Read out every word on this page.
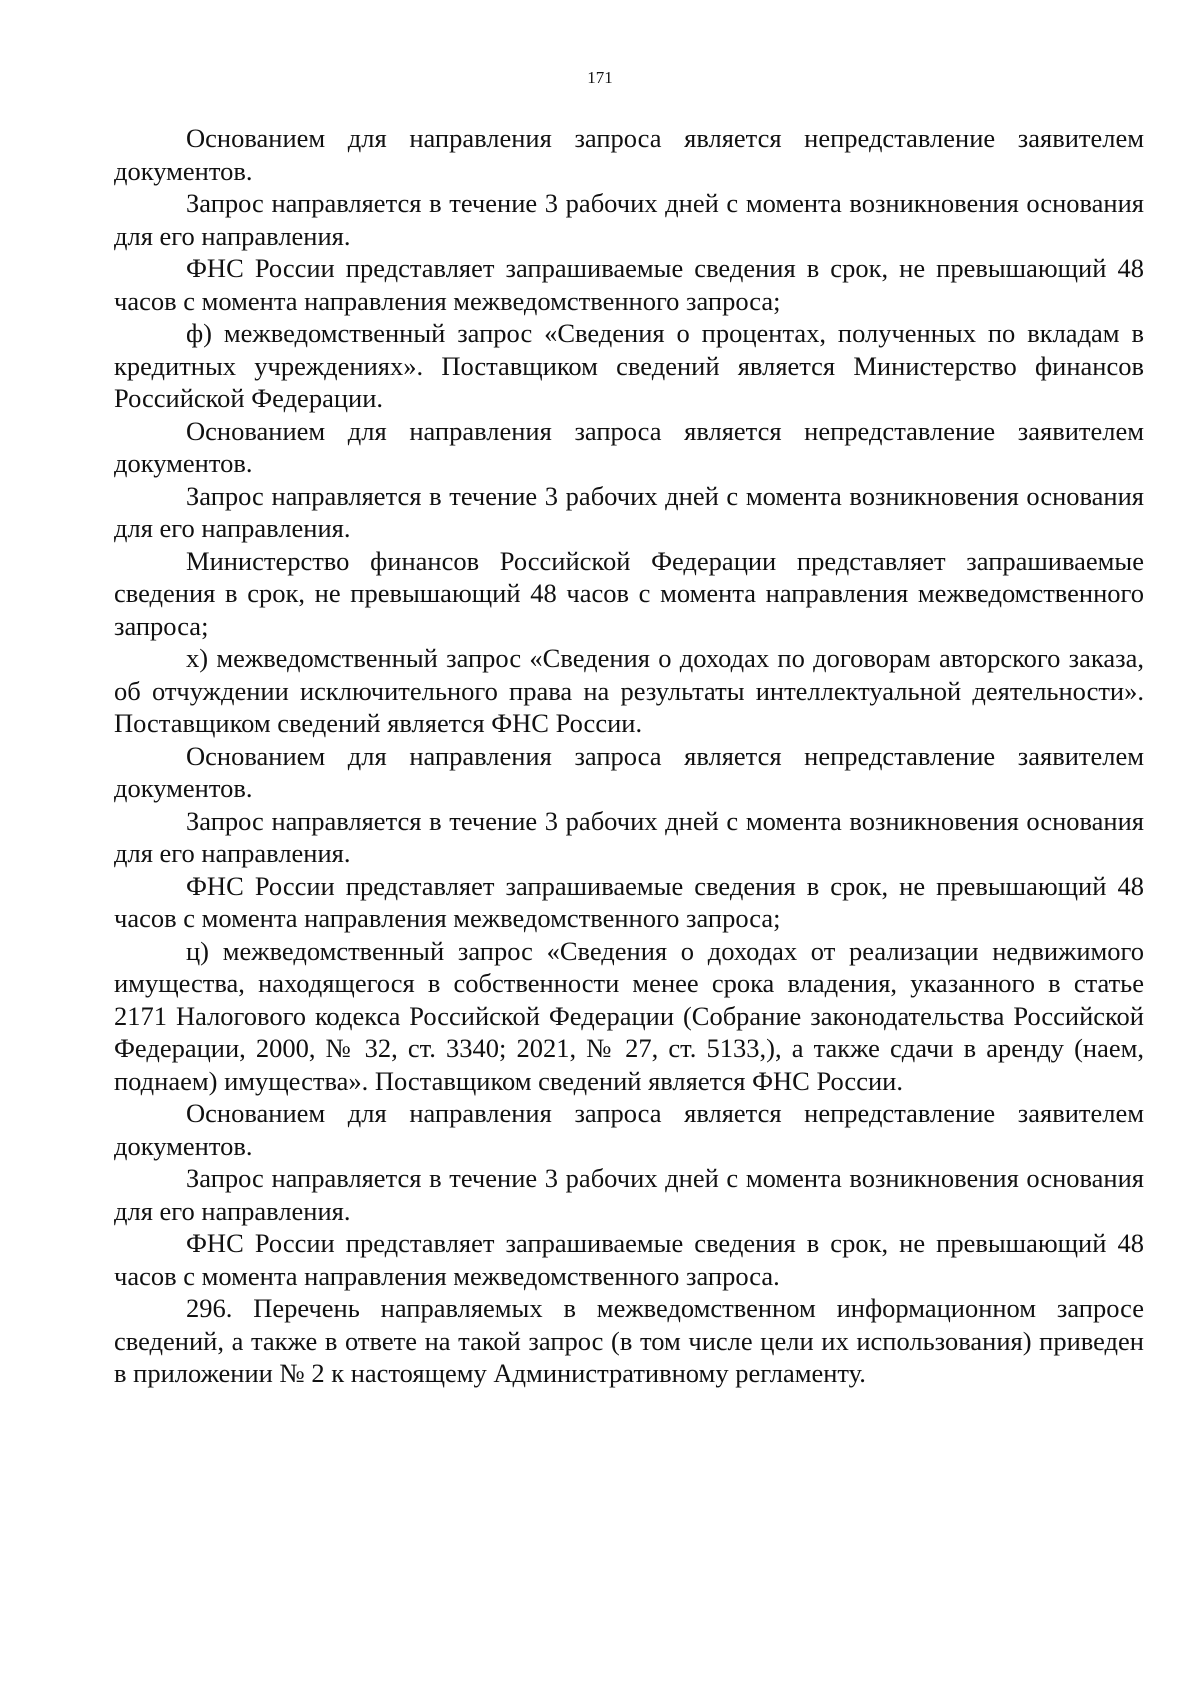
171

Основанием для направления запроса является непредставление заявителем документов.

Запрос направляется в течение 3 рабочих дней с момента возникновения основания для его направления.

ФНС России представляет запрашиваемые сведения в срок, не превышающий 48 часов с момента направления межведомственного запроса;

ф) межведомственный запрос «Сведения о процентах, полученных по вкладам в кредитных учреждениях». Поставщиком сведений является Министерство финансов Российской Федерации.

Основанием для направления запроса является непредставление заявителем документов.

Запрос направляется в течение 3 рабочих дней с момента возникновения основания для его направления.

Министерство финансов Российской Федерации представляет запрашиваемые сведения в срок, не превышающий 48 часов с момента направления межведомственного запроса;

х) межведомственный запрос «Сведения о доходах по договорам авторского заказа, об отчуждении исключительного права на результаты интеллектуальной деятельности». Поставщиком сведений является ФНС России.

Основанием для направления запроса является непредставление заявителем документов.

Запрос направляется в течение 3 рабочих дней с момента возникновения основания для его направления.

ФНС России представляет запрашиваемые сведения в срок, не превышающий 48 часов с момента направления межведомственного запроса;

ц) межведомственный запрос «Сведения о доходах от реализации недвижимого имущества, находящегося в собственности менее срока владения, указанного в статье 2171 Налогового кодекса Российской Федерации (Собрание законодательства Российской Федерации, 2000, № 32, ст. 3340; 2021, № 27, ст. 5133,), а также сдачи в аренду (наем, поднаем) имущества». Поставщиком сведений является ФНС России.

Основанием для направления запроса является непредставление заявителем документов.

Запрос направляется в течение 3 рабочих дней с момента возникновения основания для его направления.

ФНС России представляет запрашиваемые сведения в срок, не превышающий 48 часов с момента направления межведомственного запроса.

296. Перечень направляемых в межведомственном информационном запросе сведений, а также в ответе на такой запрос (в том числе цели их использования) приведен в приложении № 2 к настоящему Административному регламенту.
